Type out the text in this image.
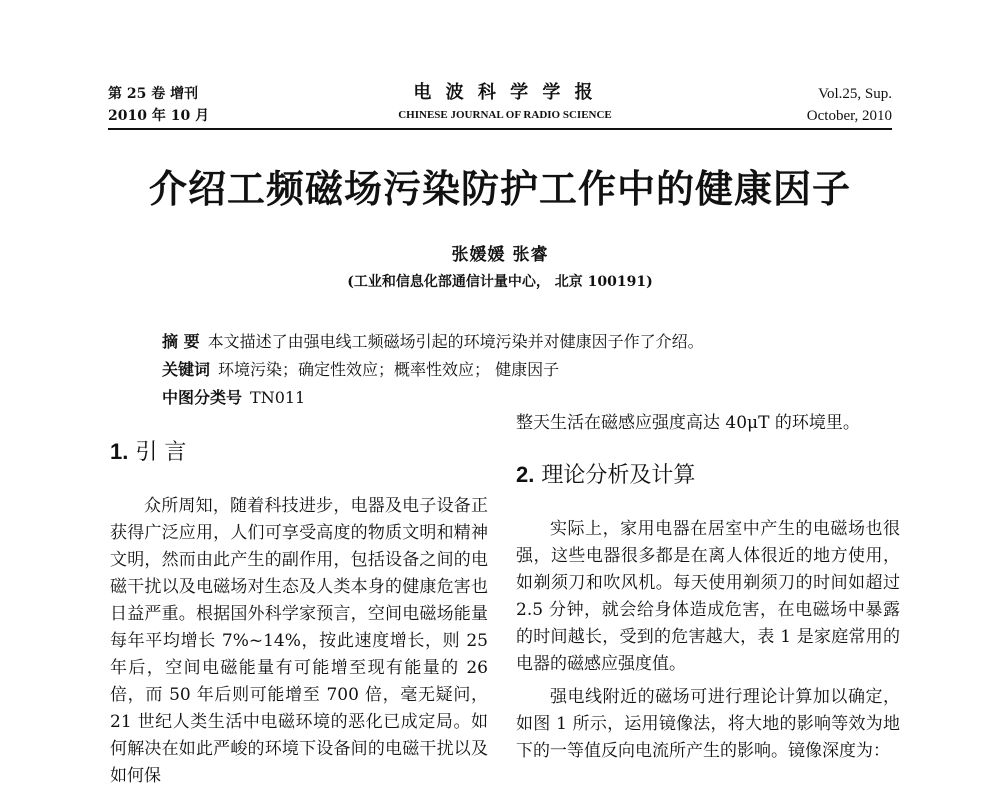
第 25 卷 增刊
2010 年 10 月
电 波 科 学 学 报
CHINESE JOURNAL OF RADIO SCIENCE
Vol.25, Sup.
October, 2010
介绍工频磁场污染防护工作中的健康因子
张媛媛 张睿
(工业和信息化部通信计量中心， 北京 100191)
摘 要 本文描述了由强电线工频磁场引起的环境污染并对健康因子作了介绍。
关键词 环境污染；确定性效应；概率性效应； 健康因子
中图分类号 TN011
1. 引 言

众所周知，随着科技进步，电器及电子设备正获得广泛应用，人们可享受高度的物质文明和精神文明，然而由此产生的副作用，包括设备之间的电磁干扰以及电磁场对生态及人类本身的健康危害也日益严重。根据国外科学家预言，空间电磁场能量每年平均增长 7%~14%，按此速度增长，则 25 年后，空间电磁能量有可能增至现有能量的 26 倍，而 50 年后则可能增至 700 倍，毫无疑问，21 世纪人类生活中电磁环境的恶化已成定局。如何解决在如此严峻的环境下设备间的电磁干扰以及如何保

整天生活在磁感应强度高达 40μT 的环境里。

2. 理论分析及计算

实际上，家用电器在居室中产生的电磁场也很强，这些电器很多都是在离人体很近的地方使用，如剃须刀和吹风机。每天使用剃须刀的时间如超过 2.5 分钟，就会给身体造成危害，在电磁场中暴露的时间越长，受到的危害越大，表 1 是家庭常用的电器的磁感应强度值。

强电线附近的磁场可进行理论计算加以确定，如图 1 所示，运用镜像法，将大地的影响等效为地下的一等值反向电流所产生的影响。镜像深度为：
